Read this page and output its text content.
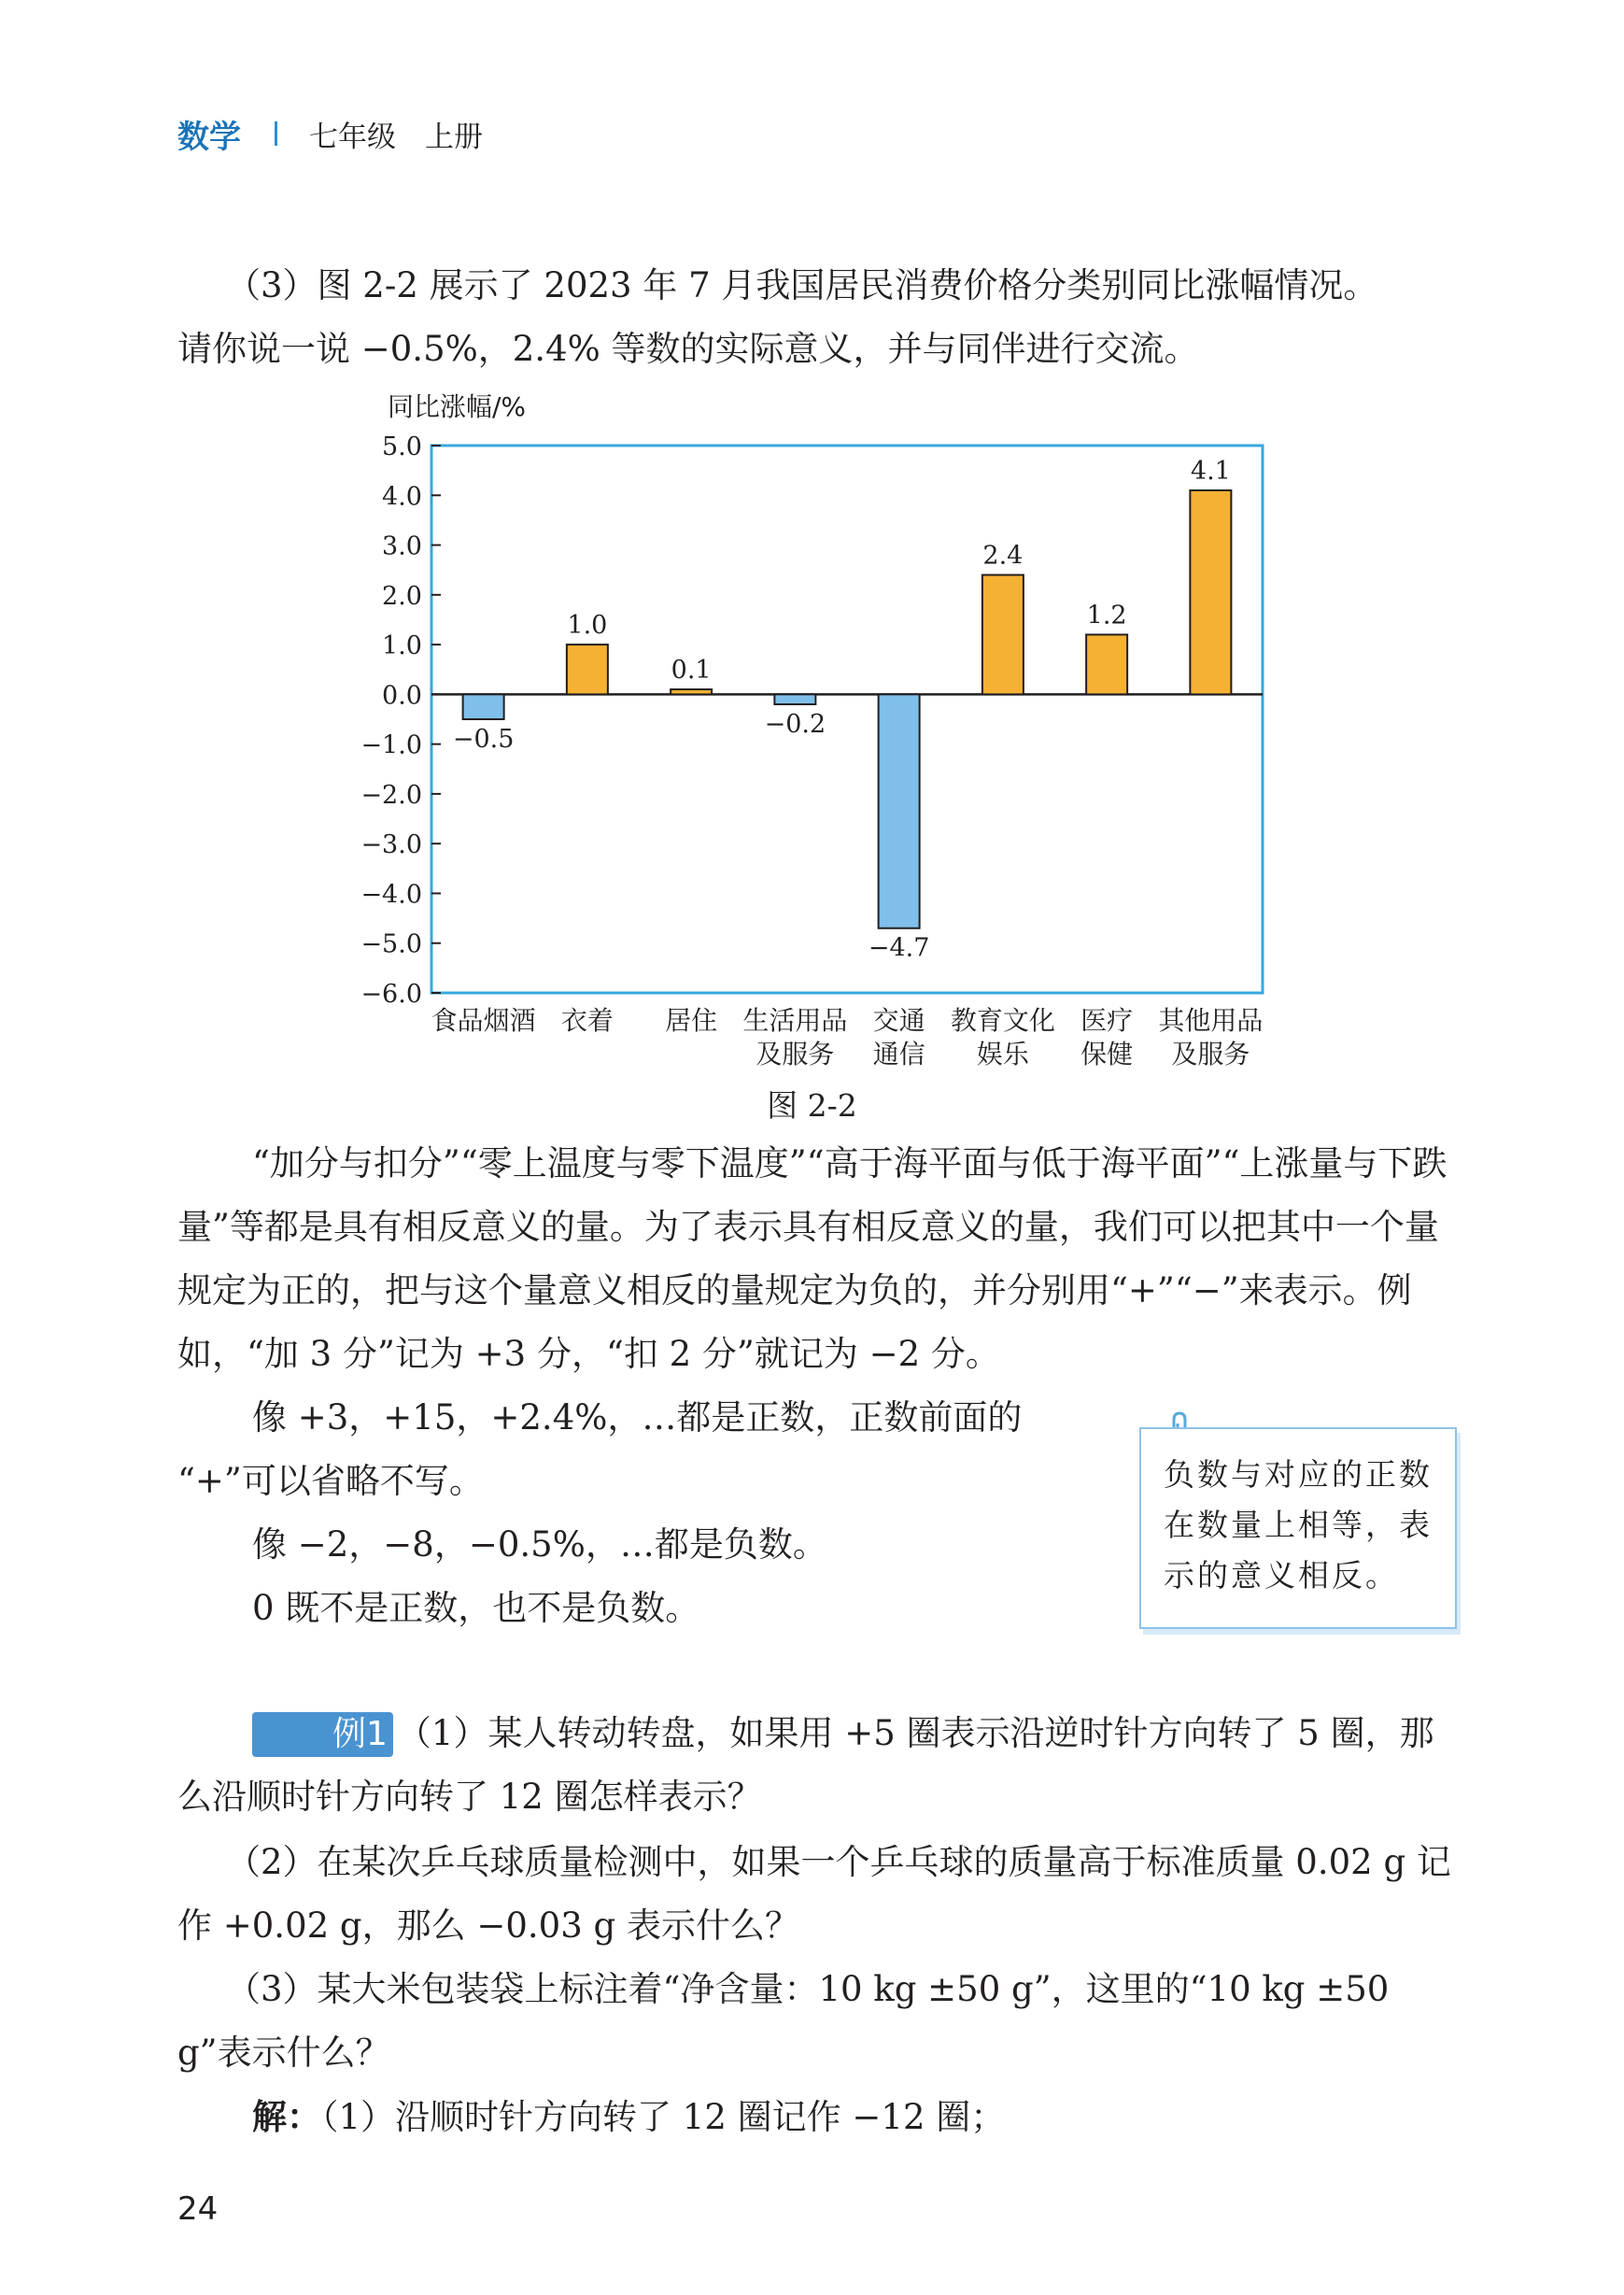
数学 七年级　上册

（3）图 2-2 展示了 2023 年 7 月我国居民消费价格分类别同比涨幅情况。

请你说一说 −0.5%，2.4% 等数的实际意义，并与同伴进行交流。

同比涨幅/%
5.0
4.0
3.0
2.0
1.0
0.0
−1.0
−2.0
−3.0
−4.0
−5.0
−6.0
−0.5
食品烟酒
1.0
衣着
0.1
居住
−0.2
生活用品
及服务
−4.7
交通
通信
2.4
教育文化
娱乐
1.2
医疗
保健
4.1
其他用品
及服务
图 2-2

“加分与扣分”“零上温度与零下温度”“高于海平面与低于海平面”“上涨量与下跌量”等都是具有相反意义的量。为了表示具有相反意义的量，我们可以把其中一个量规定为正的，把与这个量意义相反的量规定为负的，并分别用“+”“−”来表示。例如，“加 3 分”记为 +3 分，“扣 2 分”就记为 −2 分。

像 +3，+15，+2.4%，…都是正数，正数前面的

“+”可以省略不写。

像 −2，−8，−0.5%，…都是负数。

0 既不是正数，也不是负数。

负数与对应的正数在数量上相等，表示的意义相反。

例1 （1）某人转动转盘，如果用 +5 圈表示沿逆时针方向转了 5 圈，那么沿顺时针方向转了 12 圈怎样表示？

（2）在某次乒乓球质量检测中，如果一个乒乓球的质量高于标准质量 0.02 g 记作 +0.02 g，那么 −0.03 g 表示什么？

（3）某大米包装袋上标注着“净含量：10 kg ±50 g”，这里的“10 kg ±50 g”表示什么？

解：（1）沿顺时针方向转了 12 圈记作 −12 圈；

24
